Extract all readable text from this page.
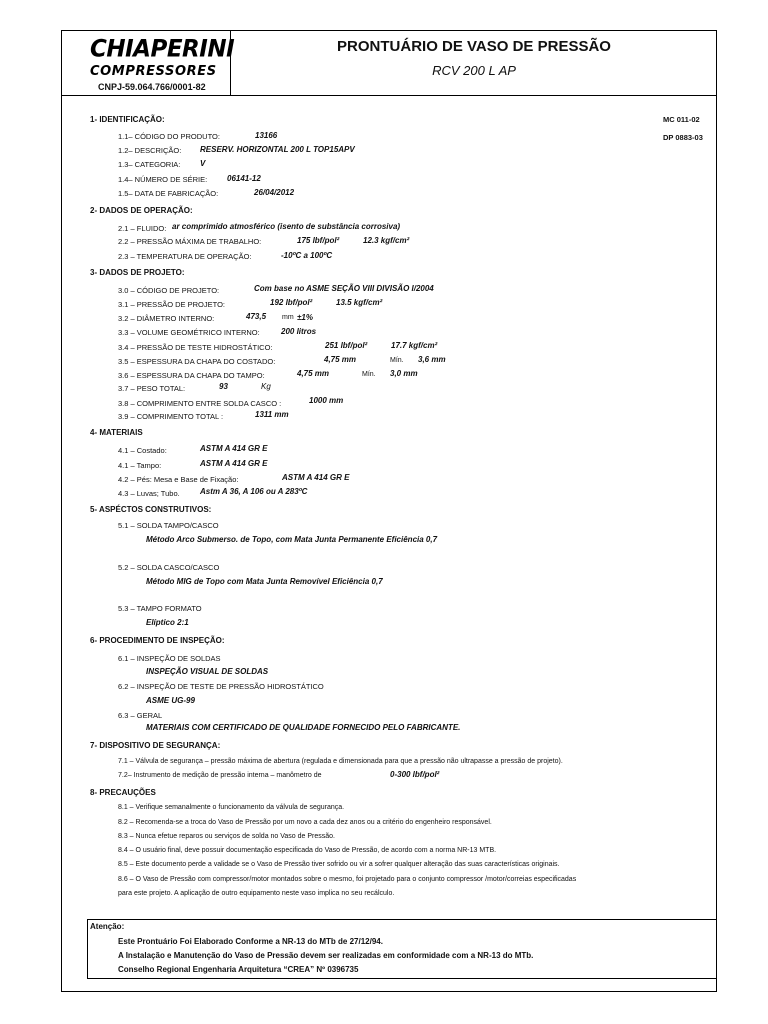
CHIAPERINI
COMPRESSORES
CNPJ-59.064.766/0001-82
PRONTUÁRIO DE VASO DE PRESSÃO
RCV 200 L AP
MC 011-02
DP 0883-03
1- IDENTIFICAÇÃO:
1.1– CÓDIGO DO PRODUTO:	13166
1.2– DESCRIÇÃO: RESERV. HORIZONTAL 200 L TOP15APV
1.3– CATEGORIA: V
1.4– NÚMERO DE SÉRIE: 06141-12
1.5– DATA DE FABRICAÇÃO:	26/04/2012
2- DADOS DE OPERAÇÃO:
2.1 – FLUIDO: ar comprimido atmosférico (isento de substância corrosiva)
2.2 – PRESSÃO MÁXIMA DE TRABALHO:	175 lbf/pol²	12.3 kgf/cm²
2.3 – TEMPERATURA DE OPERAÇÃO:	-10ºC a 100ºC
3- DADOS DE PROJETO:
3.0 – CÓDIGO DE PROJETO:	Com base no ASME SEÇÃO VIII DIVISÃO I/2004
3.1 – PRESSÃO DE PROJETO:	192 lbf/pol²	13.5 kgf/cm²
3.2 – DIÂMETRO INTERNO:	473,5 mm ±1%
3.3 – VOLUME GEOMÉTRICO INTERNO:	200 litros
3.4 – PRESSÃO DE TESTE HIDROSTÁTICO:	251 lbf/pol²	17.7 kgf/cm²
3.5 – ESPESSURA DA CHAPA DO COSTADO:	4,75 mm	Mín. 3,6 mm
3.6 – ESPESSURA DA CHAPA DO TAMPO:	4,75 mm	Mín. 3,0 mm
3.7 – PESO TOTAL:	93	Kg
3.8 – COMPRIMENTO ENTRE SOLDA CASCO :	1000 mm
3.9 – COMPRIMENTO TOTAL :	1311 mm
4- MATERIAIS
4.1 – Costado:	ASTM A 414 GR E
4.1 – Tampo:	ASTM A 414 GR E
4.2 – Pés: Mesa e Base de Fixação:	ASTM A 414 GR E
4.3 – Luvas; Tubo.	Astm A 36, A 106 ou A 283ºC
5- ASPÉCTOS CONSTRUTIVOS:
5.1 – SOLDA TAMPO/CASCO
Método Arco Submerso. de Topo, com Mata Junta Permanente Eficiência 0,7
5.2 – SOLDA CASCO/CASCO
Método MIG de Topo com Mata Junta Removível Eficiência 0,7
5.3 – TAMPO FORMATO
Elíptico 2:1
6- PROCEDIMENTO DE INSPEÇÃO:
6.1 – INSPEÇÃO DE SOLDAS
INSPEÇÃO VISUAL DE SOLDAS
6.2 – INSPEÇÃO DE TESTE DE PRESSÃO HIDROSTÁTICO
ASME UG-99
6.3 – GERAL
MATERIAIS COM CERTIFICADO DE QUALIDADE FORNECIDO PELO FABRICANTE.
7- DISPOSITIVO DE SEGURANÇA:
7.1 – Válvula de segurança – pressão máxima de abertura (regulada e dimensionada para que a pressão não ultrapasse a pressão de projeto).
7.2– Instrumento de medição de pressão interna – manômetro de	0-300 lbf/pol²
8- PRECAUÇÕES
8.1 – Verifique semanalmente o funcionamento da válvula de segurança.
8.2 – Recomenda-se a troca do Vaso de Pressão por um novo a cada dez anos ou a critério do engenheiro responsável.
8.3 – Nunca efetue reparos ou serviços de solda no Vaso de Pressão.
8.4 – O usuário final, deve possuir documentação especificada do Vaso de Pressão, de acordo com a norma NR-13 MTB.
8.5 – Este documento perde a validade se o Vaso de Pressão tiver sofrido ou vir a sofrer qualquer alteração das suas características originais.
8.6 – O Vaso de Pressão com compressor/motor montados sobre o mesmo, foi projetado para o conjunto compressor /motor/correias especificadas
para este projeto. A aplicação de outro equipamento neste vaso implica no seu recálculo.
Atenção:
Este Prontuário Foi Elaborado Conforme a NR-13 do MTb de 27/12/94.
A Instalação e Manutenção do Vaso de Pressão devem ser realizadas em conformidade com a NR-13 do MTb.
Conselho Regional Engenharia Arquitetura “CREA” Nº 0396735
